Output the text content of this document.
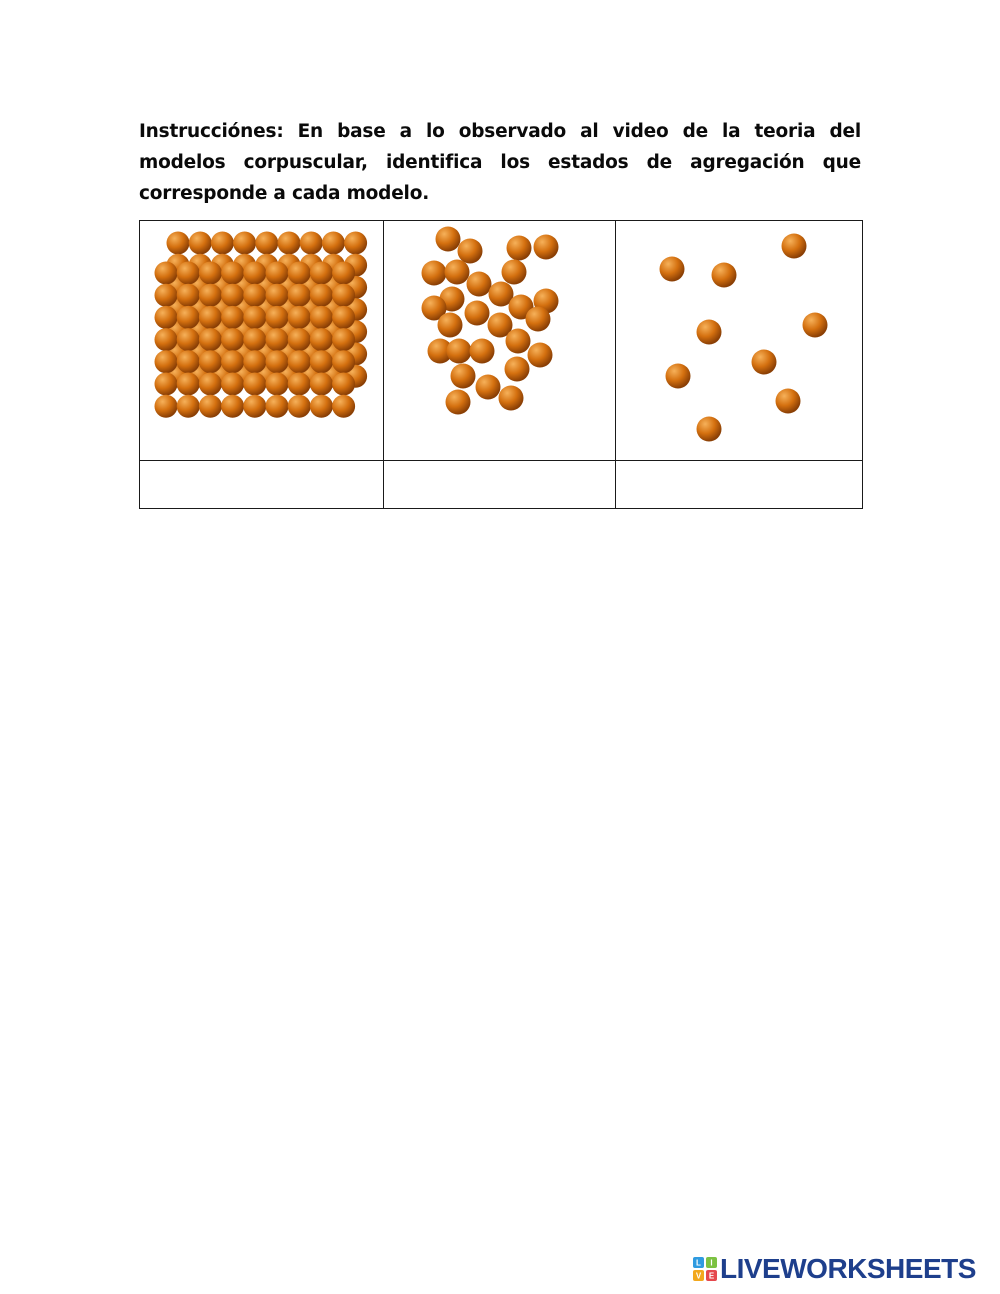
Instrucciónes: En base a lo observado al video de la teoria del modelos corpuscular, identifica los estados de agregación que corresponde a cada modelo.

L I
V E LIVEWORKSHEETS
